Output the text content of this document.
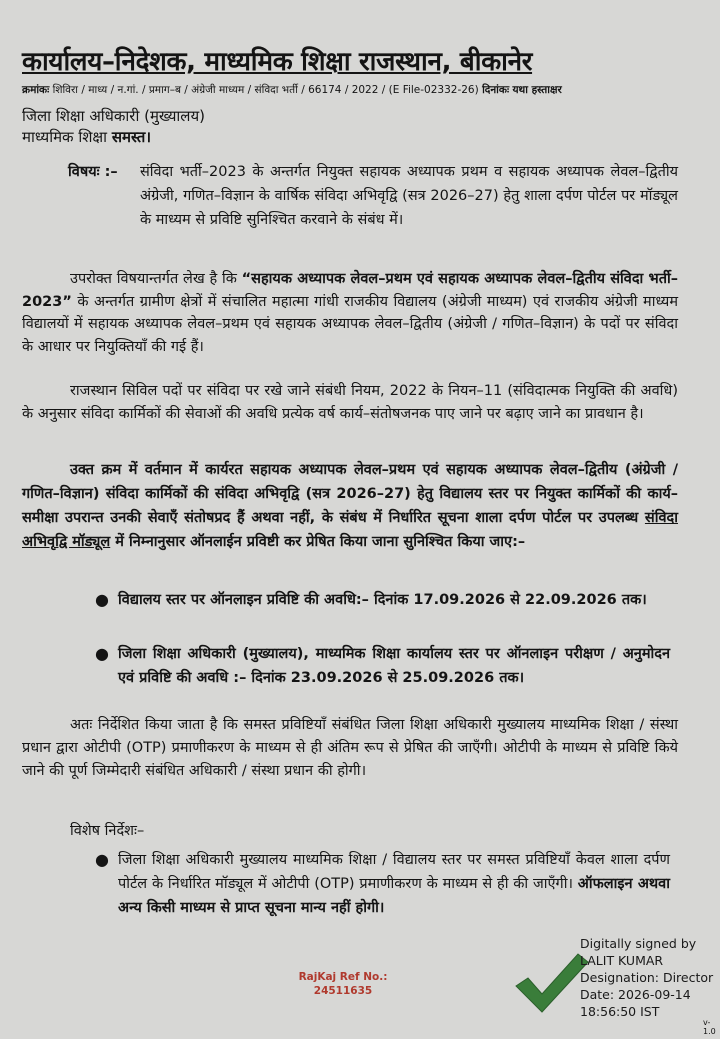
कार्यालय–निदेशक, माध्यमिक शिक्षा राजस्थान, बीकानेर
क्रमांकः शिविरा / माध्य / न.गां. / प्रमाग–ब / अंग्रेजी माध्यम / संविदा भर्ती / 66174 / 2022 / (E File-02332-26) दिनांकः यथा हस्ताक्षर
जिला शिक्षा अधिकारी (मुख्यालय)
माध्यमिक शिक्षा समस्त।
विषयः :–	संविदा भर्ती–2023 के अन्तर्गत नियुक्त सहायक अध्यापक प्रथम व सहायक अध्यापक लेवल–द्वितीय अंग्रेजी, गणित–विज्ञान के वार्षिक संविदा अभिवृद्वि (सत्र 2026–27) हेतु शाला दर्पण पोर्टल पर मॉड्यूल के माध्यम से प्रविष्टि सुनिश्चित करवाने के संबंध में।
उपरोक्त विषयान्तर्गत लेख है कि “सहायक अध्यापक लेवल–प्रथम एवं सहायक अध्यापक लेवल–द्वितीय संविदा भर्ती–2023” के अन्तर्गत ग्रामीण क्षेत्रों में संचालित महात्मा गांधी राजकीय विद्यालय (अंग्रेजी माध्यम) एवं राजकीय अंग्रेजी माध्यम विद्यालयों में सहायक अध्यापक लेवल–प्रथम एवं सहायक अध्यापक लेवल–द्वितीय (अंग्रेजी / गणित–विज्ञान) के पदों पर संविदा के आधार पर नियुक्तियाँ की गई हैं।
राजस्थान सिविल पदों पर संविदा पर रखे जाने संबंधी नियम, 2022 के नियन–11 (संविदात्मक नियुक्ति की अवधि) के अनुसार संविदा कार्मिकों की सेवाओं की अवधि प्रत्येक वर्ष कार्य–संतोषजनक पाए जाने पर बढ़ाए जाने का प्रावधान है।
उक्त क्रम में वर्तमान में कार्यरत सहायक अध्यापक लेवल–प्रथम एवं सहायक अध्यापक लेवल–द्वितीय (अंग्रेजी / गणित–विज्ञान) संविदा कार्मिकों की संविदा अभिवृद्वि (सत्र 2026–27) हेतु विद्यालय स्तर पर नियुक्त कार्मिकों की कार्य–समीक्षा उपरान्त उनकी सेवाएँ संतोषप्रद हैं अथवा नहीं, के संबंध में निर्धारित सूचना शाला दर्पण पोर्टल पर उपलब्ध संविदा अभिवृद्वि मॉड्यूल में निम्नानुसार ऑनलाईन प्रविष्टी कर प्रेषित किया जाना सुनिश्चित किया जाए:–
● विद्यालय स्तर पर ऑनलाइन प्रविष्टि की अवधि:– दिनांक 17.09.2026 से 22.09.2026 तक।
● जिला शिक्षा अधिकारी (मुख्यालय), माध्यमिक शिक्षा कार्यालय स्तर पर ऑनलाइन परीक्षण / अनुमोदन एवं प्रविष्टि की अवधि :– दिनांक 23.09.2026 से 25.09.2026 तक।
अतः निर्देशित किया जाता है कि समस्त प्रविष्टियाँ संबंधित जिला शिक्षा अधिकारी मुख्यालय माध्यमिक शिक्षा / संस्था प्रधान द्वारा ओटीपी (OTP) प्रमाणीकरण के माध्यम से ही अंतिम रूप से प्रेषित की जाएँगी। ओटीपी के माध्यम से प्रविष्टि किये जाने की पूर्ण जिम्मेदारी संबंधित अधिकारी / संस्था प्रधान की होगी।
विशेष निर्देशः–
● जिला शिक्षा अधिकारी मुख्यालय माध्यमिक शिक्षा / विद्यालय स्तर पर समस्त प्रविष्टियाँ केवल शाला दर्पण पोर्टल के निर्धारित मॉड्यूल में ओटीपी (OTP) प्रमाणीकरण के माध्यम से ही की जाएँगी। ऑफलाइन अथवा अन्य किसी माध्यम से प्राप्त सूचना मान्य नहीं होगी।
RajKaj Ref No.:
24511635
Digitally signed by
LALIT KUMAR
Designation: Director
Date: 2026-09-14
18:56:50 IST
v-1.0
